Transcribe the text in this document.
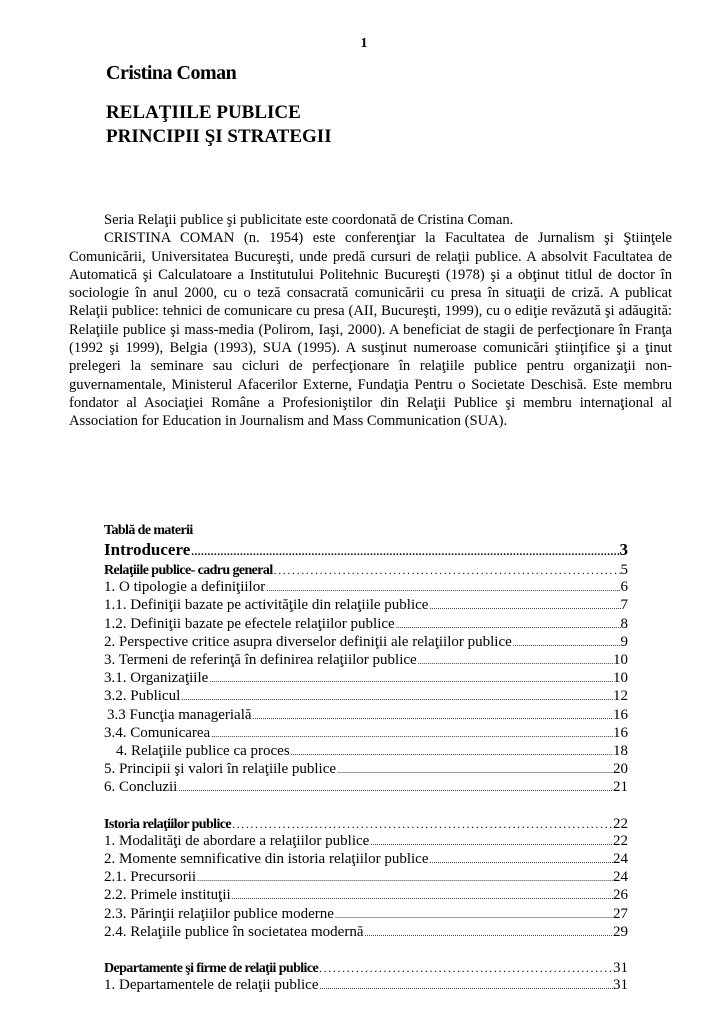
1
Cristina Coman
RELAŢIILE PUBLICE
PRINCIPII ŞI STRATEGII

Seria Relaţii publice şi publicitate este coordonată de Cristina Coman.

CRISTINA COMAN (n. 1954) este conferenţiar la Facultatea de Jurnalism şi Ştiinţele Comunicării, Universitatea Bucureşti, unde predă cursuri de relaţii publice. A absolvit Facultatea de Automatică şi Calculatoare a Institutului Politehnic Bucureşti (1978) şi a obţinut titlul de doctor în sociologie în anul 2000, cu o teză consacrată comunicării cu presa în situaţii de criză. A publicat Relaţii publice: tehnici de comunicare cu presa (AII, Bucureşti, 1999), cu o ediţie revăzută şi adăugită: Relaţiile publice şi mass-media (Polirom, Iaşi, 2000). A beneficiat de stagii de perfecţionare în Franţa (1992 şi 1999), Belgia (1993), SUA (1995). A susţinut numeroase comunicări ştiinţifice şi a ţinut prelegeri la seminare sau cicluri de perfecţionare în relaţiile publice pentru organizaţii non-guvernamentale, Ministerul Afacerilor Externe, Fundaţia Pentru o Societate Deschisă. Este membru fondator al Asociaţiei Române a Profesioniştilor din Relaţii Publice şi membru internaţional al Association for Education in Journalism and Mass Communication (SUA).

Tablă de materii
Introducere .....	3
Relaţiile publice- cadru general .....	5
1. O tipologie a definiţiilor .....	6
1.1. Definiţii bazate pe activităţile din relaţiile publice .....	7
1.2. Definiţii bazate pe efectele relaţiilor publice .....	8
2. Perspective critice asupra diverselor definiţii ale relaţiilor publice .....	9
3. Termeni de referinţă în definirea relaţiilor publice .....	10
3.1. Organizaţiile .....	10
3.2. Publicul .....	12
3.3 Funcţia managerială .....	16
3.4. Comunicarea .....	16
4. Relaţiile publice ca proces .....	18
5. Principii şi valori în relaţiile publice .....	20
6. Concluzii .....	21
Istoria relaţiilor publice .....	22
1. Modalităţi de abordare a relaţiilor publice .....	22
2. Momente semnificative din istoria relaţiilor publice .....	24
2.1. Precursorii .....	24
2.2. Primele instituţii .....	26
2.3. Părinţii relaţiilor publice moderne .....	27
2.4. Relaţiile publice în societatea modernă .....	29
Departamente şi firme de relaţii publice .....	31
1. Departamentele de relaţii publice .....	31
